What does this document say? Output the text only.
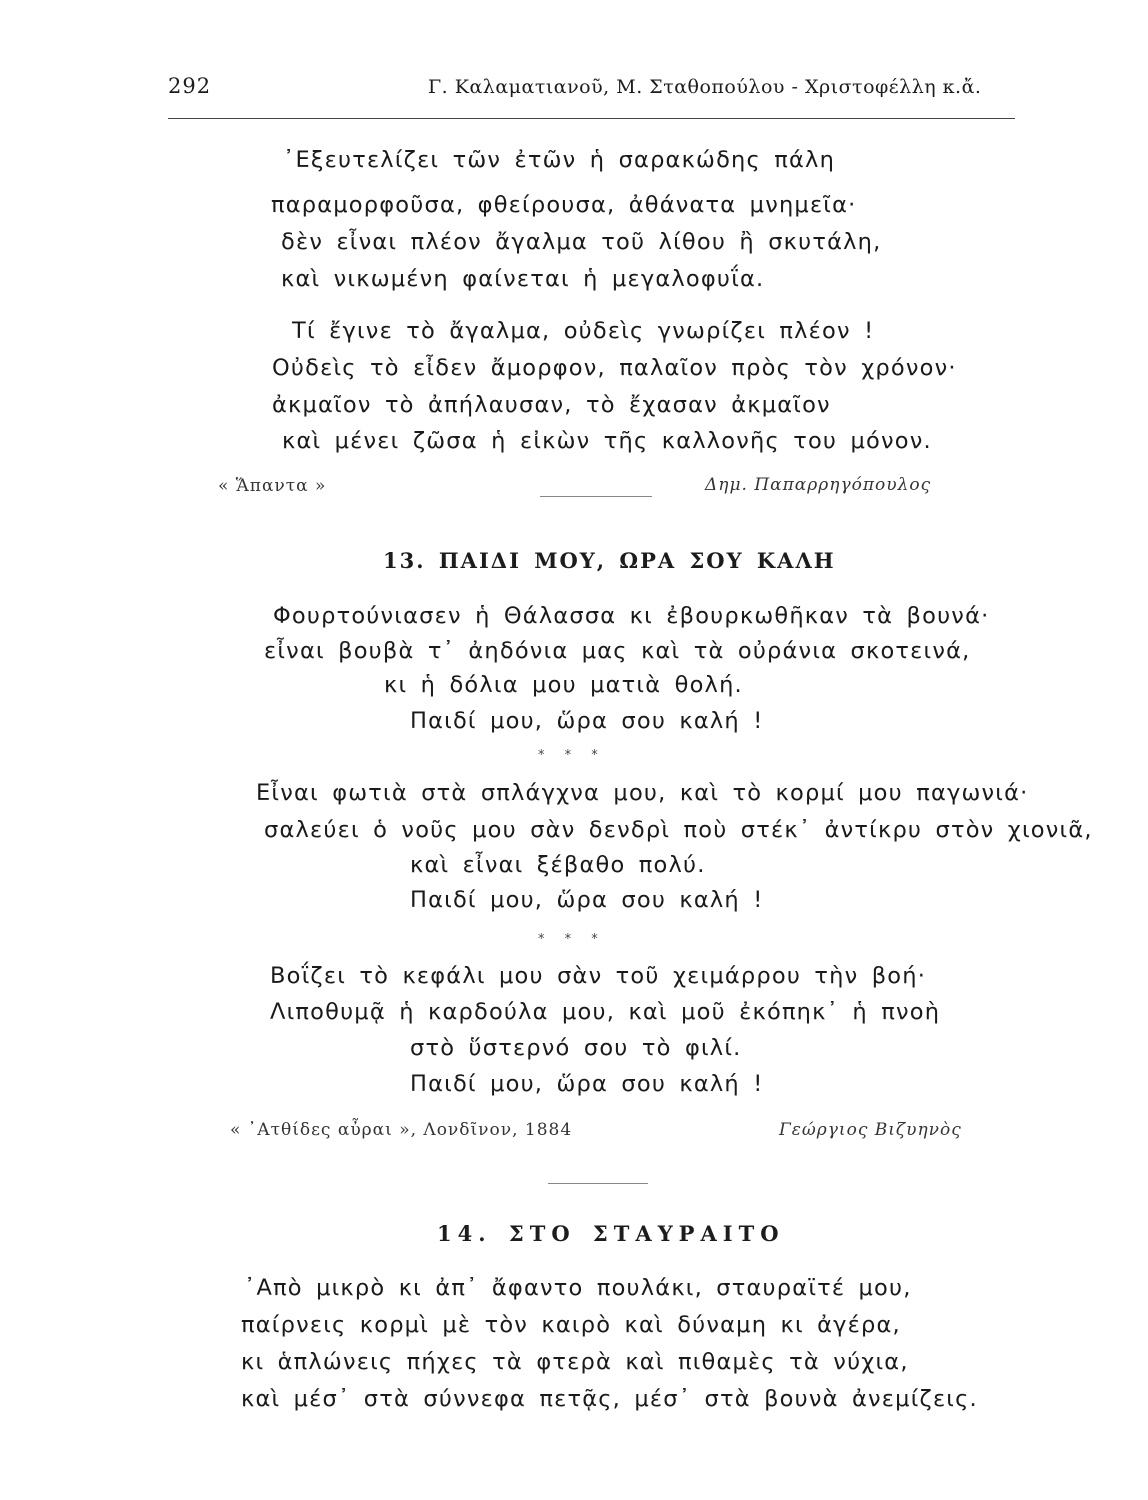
292	Γ. Καλαματιανοῦ, Μ. Σταθοπούλου - Χριστοφέλλη κ.ἄ.
᾿Εξευτελίζει τῶν ἐτῶν ἡ σαρακώδης πάλη
παραμορφοῦσα, φθείρουσα, ἀθάνατα μνημεῖα·
δὲν εἶναι πλέον ἄγαλμα τοῦ λίθου ἢ σκυτάλη,
καὶ νικωμένη φαίνεται ἡ μεγαλοφυΐα.
Τί ἔγινε τὸ ἄγαλμα, οὐδεὶς γνωρίζει πλέον !
Οὐδεὶς τὸ εἶδεν ἄμορφον, παλαῖον πρὸς τὸν χρόνον·
ἀκμαῖον τὸ ἀπήλαυσαν, τὸ ἔχασαν ἀκμαῖον
καὶ μένει ζῶσα ἡ εἰκὼν τῆς καλλονῆς του μόνον.
« Ἅπαντα »	Δημ. Παπαρρηγόπουλος
13. ΠΑΙΔΙ ΜΟΥ, ΩΡΑ ΣΟΥ ΚΑΛΗ
Φουρτούνιασεν ἡ Θάλασσα κι ἐβουρκωθῆκαν τὰ βουνά·
εἶναι βουβὰ τ᾿ ἀηδόνια μας καὶ τὰ οὐράνια σκοτεινά,
κι ἡ δόλια μου ματιὰ θολή.
Παιδί μου, ὥρα σου καλή !
* * *
Εἶναι φωτιὰ στὰ σπλάγχνα μου, καὶ τὸ κορμί μου παγωνιά·
σαλεύει ὁ νοῦς μου σὰν δενδρὶ ποὺ στέκ᾿ ἀντίκρυ στὸν χιονιᾶ,
καὶ εἶναι ξέβαθο πολύ.
Παιδί μου, ὥρα σου καλή !
* * *
Βοΐζει τὸ κεφάλι μου σὰν τοῦ χειμάρρου τὴν βοή·
Λιποθυμᾷ ἡ καρδούλα μου, καὶ μοῦ ἐκόπηκ᾿ ἡ πνοὴ
στὸ ὕστερνό σου τὸ φιλί.
Παιδί μου, ὥρα σου καλή !
« ᾿Ατθίδες αὖραι », Λονδῖνον, 1884	Γεώργιος Βιζυηνὸς
14. ΣΤΟ ΣΤΑΥΡΑΙΤΟ
᾿Απὸ μικρὸ κι ἀπ᾿ ἄφαντο πουλάκι, σταυραϊτέ μου,
παίρνεις κορμὶ μὲ τὸν καιρὸ καὶ δύναμη κι ἀγέρα,
κι ἁπλώνεις πήχες τὰ φτερὰ καὶ πιθαμὲς τὰ νύχια,
καὶ μέσ᾿ στὰ σύννεφα πετᾷς, μέσ᾿ στὰ βουνὰ ἀνεμίζεις.
